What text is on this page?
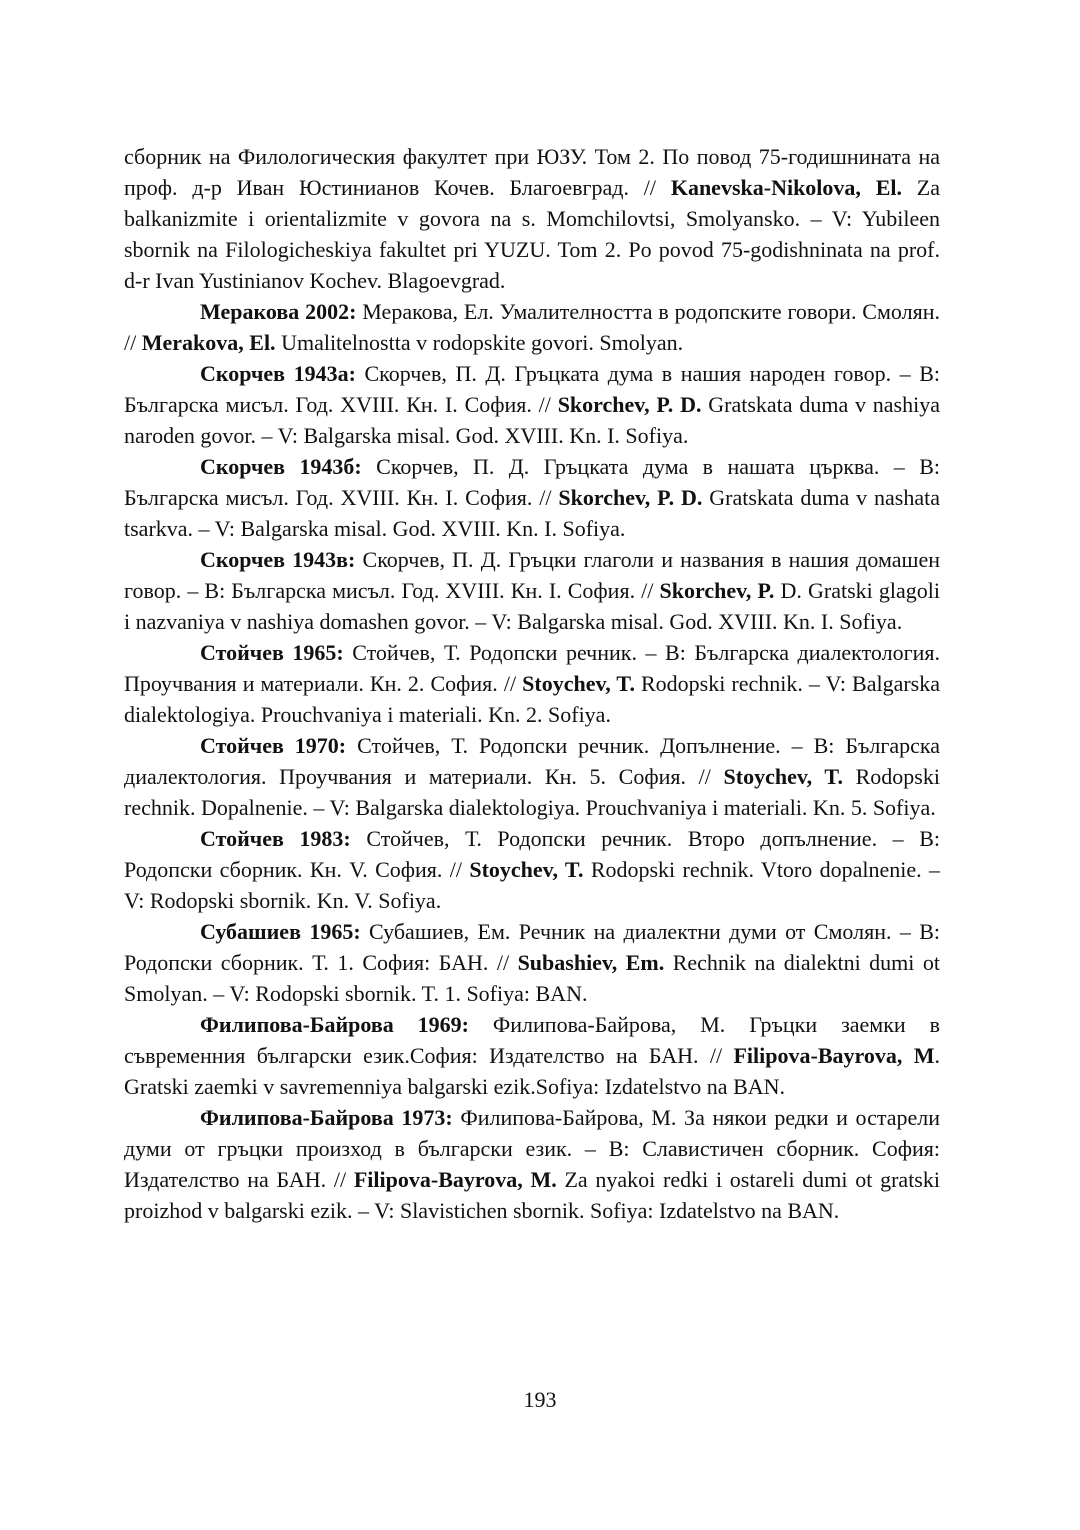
сборник на Филологическия факултет при ЮЗУ. Том 2. По повод 75-годишнината на проф. д-р Иван Юстинианов Кочев. Благоевград. // Kanevska-Nikolova, El. Za balkanizmite i orientalizmite v govora na s. Momchilovtsi, Smolyansko. – V: Yubileen sbornik na Filologicheskiya fakultet pri YUZU. Tom 2. Po povod 75-godishninata na prof. d-r Ivan Yustinianov Kochev. Blagoevgrad.

Меракова 2002: Меракова, Ел. Умалителността в родопските говори. Смолян. // Merakova, El. Umalitelnostta v rodopskite govori. Smolyan.

Скорчев 1943а: Скорчев, П. Д. Гръцката дума в нашия народен говор. – В: Българска мисъл. Год. XVIII. Кн. I. София. // Skorchev, P. D. Gratskata duma v nashiya naroden govor. – V: Balgarska misal. God. XVIII. Kn. I. Sofiya.

Скорчев 1943б: Скорчев, П. Д. Гръцката дума в нашата църква. – В: Българска мисъл. Год. XVIII. Кн. I. София. // Skorchev, P. D. Gratskata duma v nashata tsarkva. – V: Balgarska misal. God. XVIII. Kn. I. Sofiya.

Скорчев 1943в: Скорчев, П. Д. Гръцки глаголи и названия в нашия домашен говор. – В: Българска мисъл. Год. XVIII. Кн. I. София. // Skorchev, P. D. Gratski glagoli i nazvaniya v nashiya domashen govor. – V: Balgarska misal. God. XVIII. Kn. I. Sofiya.

Стойчев 1965: Стойчев, Т. Родопски речник. – В: Българска диалектология. Проучвания и материали. Кн. 2. София. // Stoychev, T. Rodopski rechnik. – V: Balgarska dialektologiya. Prouchvaniya i materiali. Kn. 2. Sofiya.

Стойчев 1970: Стойчев, Т. Родопски речник. Допълнение. – В: Българска диалектология. Проучвания и материали. Кн. 5. София. // Stoychev, T. Rodopski rechnik. Dopalnenie. – V: Balgarska dialektologiya. Prouchvaniya i materiali. Kn. 5. Sofiya.

Стойчев 1983: Стойчев, Т. Родопски речник. Второ допълнение. – В: Родопски сборник. Кн. V. София. // Stoychev, T. Rodopski rechnik. Vtoro dopalnenie. – V: Rodopski sbornik. Kn. V. Sofiya.

Субашиев 1965: Субашиев, Ем. Речник на диалектни думи от Смолян. – В: Родопски сборник. Т. 1. София: БАН. // Subashiev, Em. Rechnik na dialektni dumi ot Smolyan. – V: Rodopski sbornik. T. 1. Sofiya: BAN.

Филипова-Байрова 1969: Филипова-Байрова, М. Гръцки заемки в съвременния български език.София: Издателство на БАН. // Filipova-Bayrova, M. Gratski zaemki v savremenniya balgarski ezik.Sofiya: Izdatelstvo na BAN.

Филипова-Байрова 1973: Филипова-Байрова, М. За някои редки и остарели думи от гръцки произход в български език. – В: Славистичен сборник. София: Издателство на БАН. // Filipova-Bayrova, M. Za nyakoi redki i ostareli dumi ot gratski proizhod v balgarski ezik. – V: Slavistichen sbornik. Sofiya: Izdatelstvo na BAN.

193
